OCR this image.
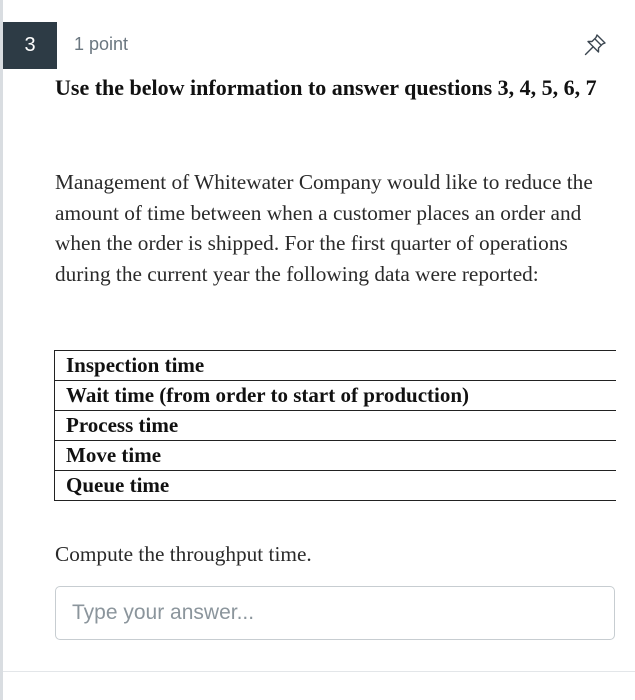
3	1 point

Use the below information to answer questions 3, 4, 5, 6, 7

Management of Whitewater Company would like to reduce the amount of time between when a customer places an order and when the order is shipped. For the first quarter of operations during the current year the following data were reported:

Inspection time
Wait time (from order to start of production)
Process time
Move time
Queue time
Compute the throughput time.
Type your answer...
